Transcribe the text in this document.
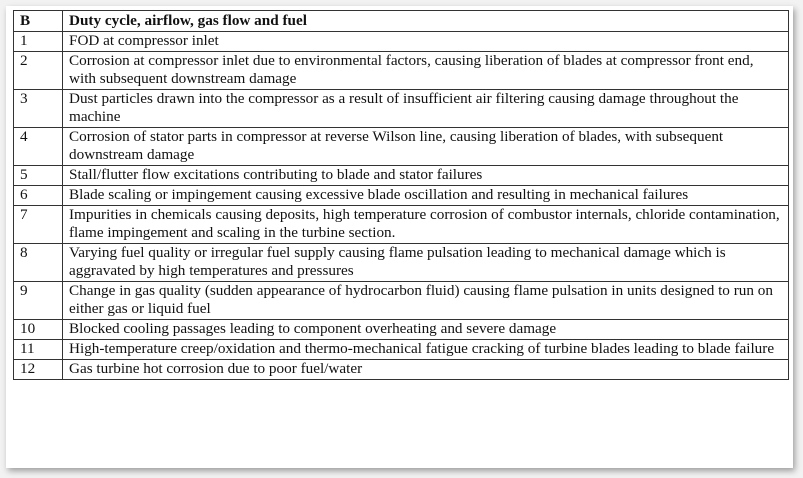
B	Duty cycle, airflow, gas flow and fuel
1	FOD at compressor inlet
2	Corrosion at compressor inlet due to environmental factors, causing liberation of blades at compressor front end, with subsequent downstream damage
3	Dust particles drawn into the compressor as a result of insufficient air filtering causing damage throughout the machine
4	Corrosion of stator parts in compressor at reverse Wilson line, causing liberation of blades, with subsequent downstream damage
5	Stall/flutter flow excitations contributing to blade and stator failures
6	Blade scaling or impingement causing excessive blade oscillation and resulting in mechanical failures
7	Impurities in chemicals causing deposits, high temperature corrosion of combustor internals, chloride contamination, flame impingement and scaling in the turbine section.
8	Varying fuel quality or irregular fuel supply causing flame pulsation leading to mechanical damage which is aggravated by high temperatures and pressures
9	Change in gas quality (sudden appearance of hydrocarbon fluid) causing flame pulsation in units designed to run on either gas or liquid fuel
10	Blocked cooling passages leading to component overheating and severe damage
11	High-temperature creep/oxidation and thermo-mechanical fatigue cracking of turbine blades leading to blade failure
12	Gas turbine hot corrosion due to poor fuel/water
